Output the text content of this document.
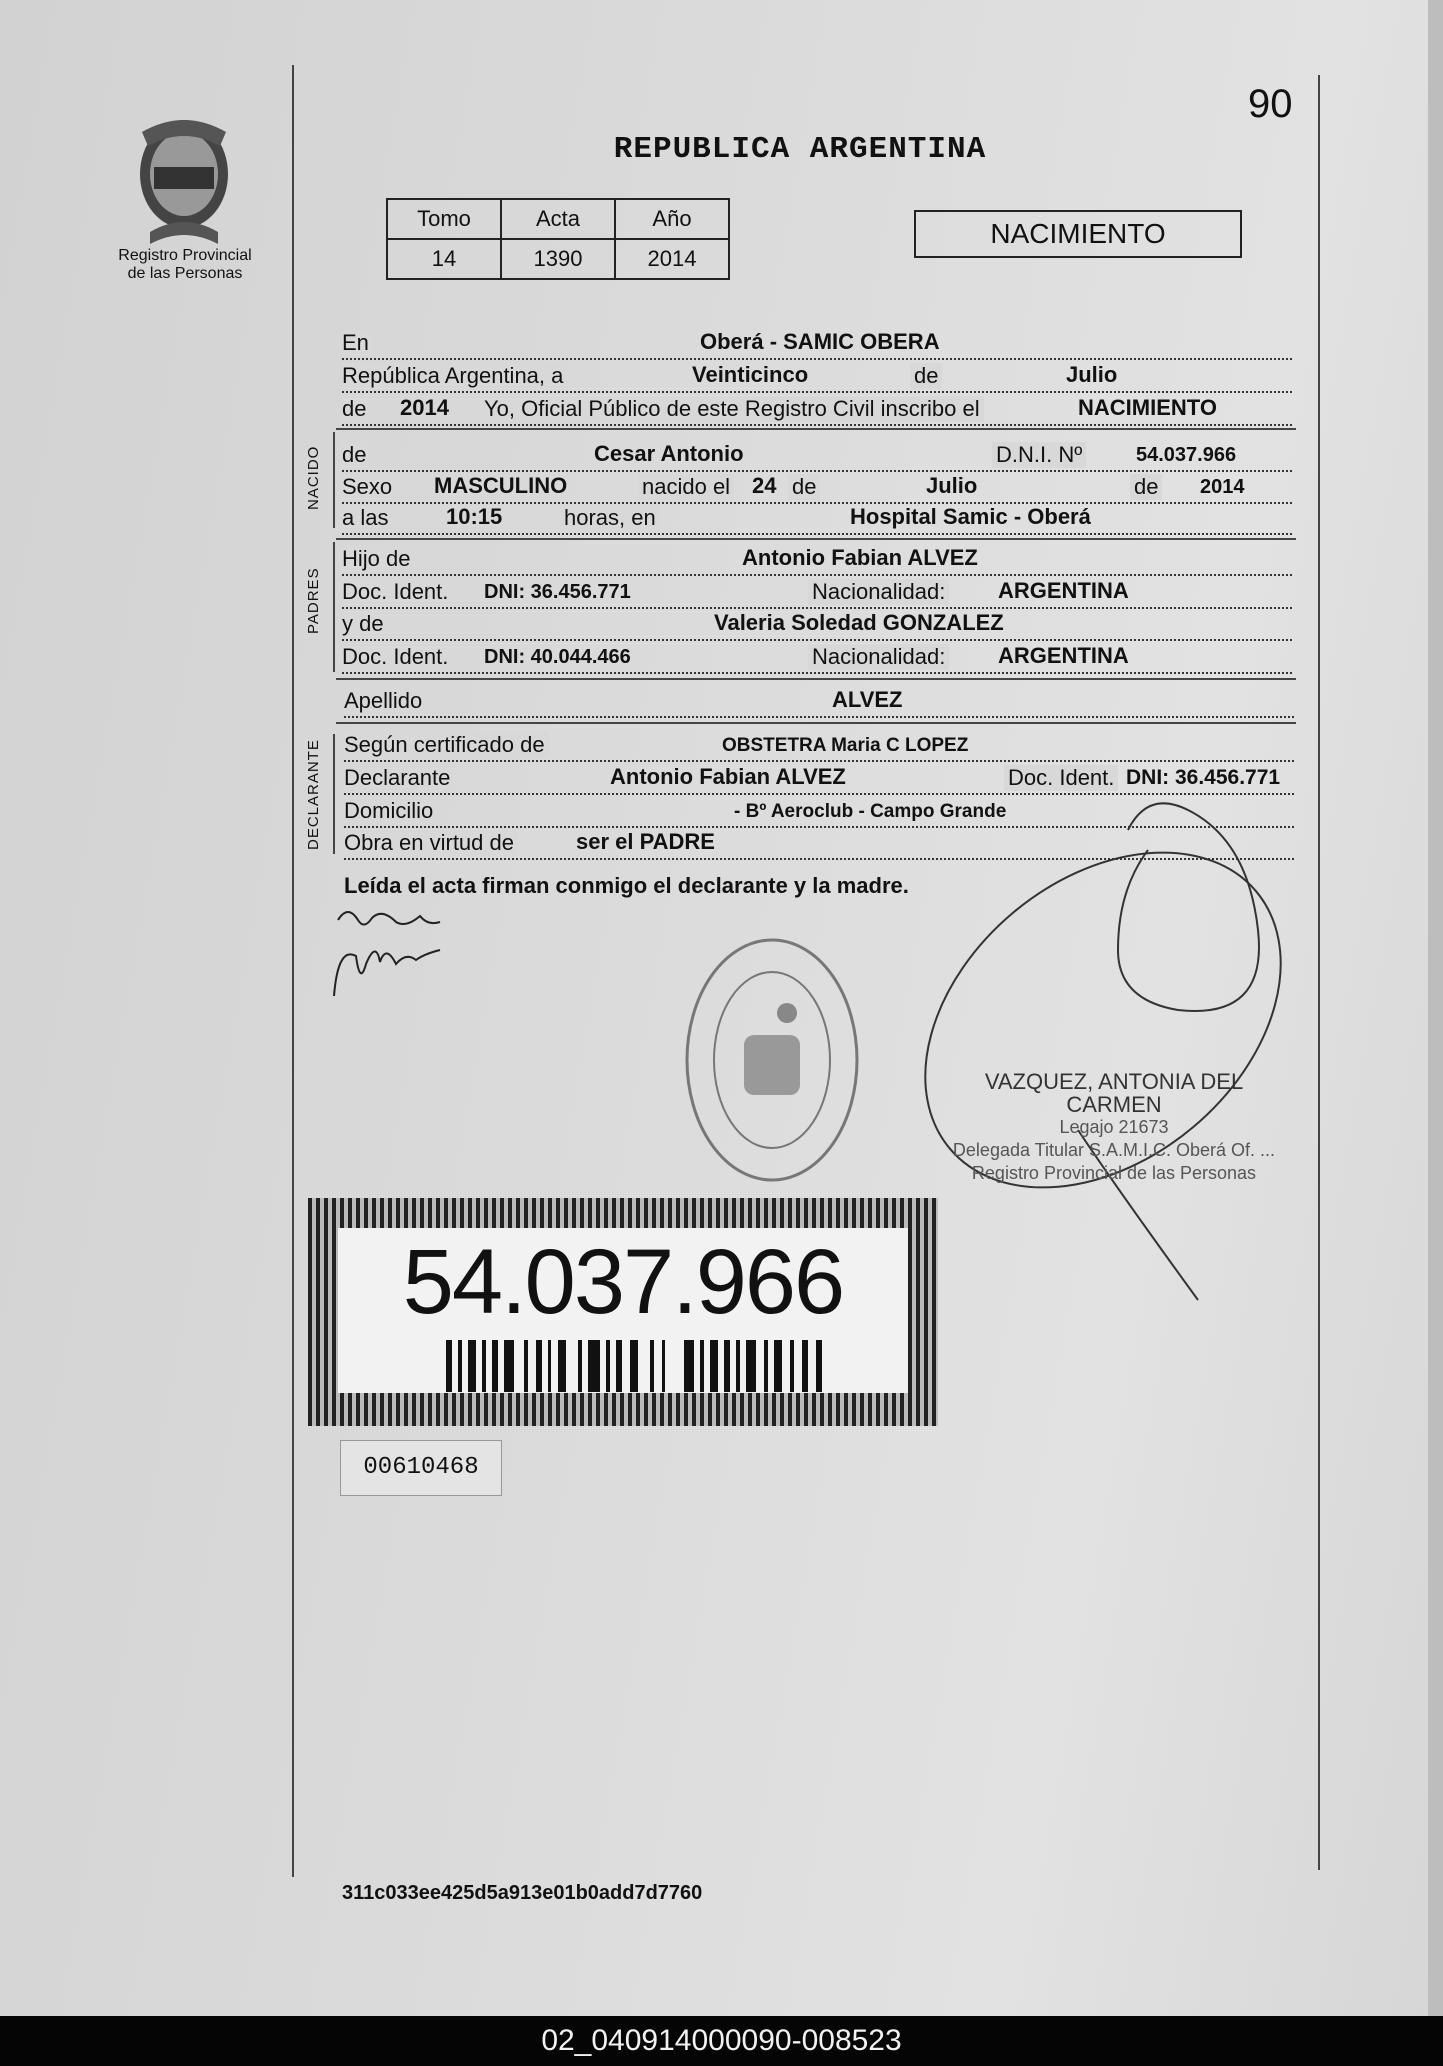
Registro Provincial
de las Personas
90
REPUBLICA ARGENTINA
Tomo	Acta	Año
14	1390	2014
NACIMIENTO
En	Oberá - SAMIC OBERA
República Argentina, a	Veinticinco	de	Julio
de 2014 Yo, Oficial Público de este Registro Civil inscribo el	NACIMIENTO
NACIDO de	Cesar Antonio	D.N.I. Nº	54.037.966
Sexo MASCULINO	nacido el 24 de	Julio	de 2014
a las	10:15	horas, en	Hospital Samic - Oberá
PADRES
Hijo de	Antonio Fabian ALVEZ
Doc. Ident. DNI: 36.456.771	Nacionalidad: ARGENTINA
y de	Valeria Soledad GONZALEZ
Doc. Ident. DNI: 40.044.466	Nacionalidad: ARGENTINA
Apellido	ALVEZ
DECLARANTE Según certificado de	OBSTETRA Maria C LOPEZ
Declarante	Antonio Fabian ALVEZ	Doc. Ident. DNI: 36.456.771
Domicilio	- Bº Aeroclub - Campo Grande
Obra en virtud de	ser el PADRE
Leída el acta firman conmigo el declarante y la madre.
VAZQUEZ, ANTONIA DEL CARMEN
Legajo 21673
Delegada Titular S.A.M.I.C. Oberá Of. ...
Registro Provincial de las Personas
54.037.966
00610468
311c033ee425d5a913e01b0add7d7760
02_040914000090-008523
